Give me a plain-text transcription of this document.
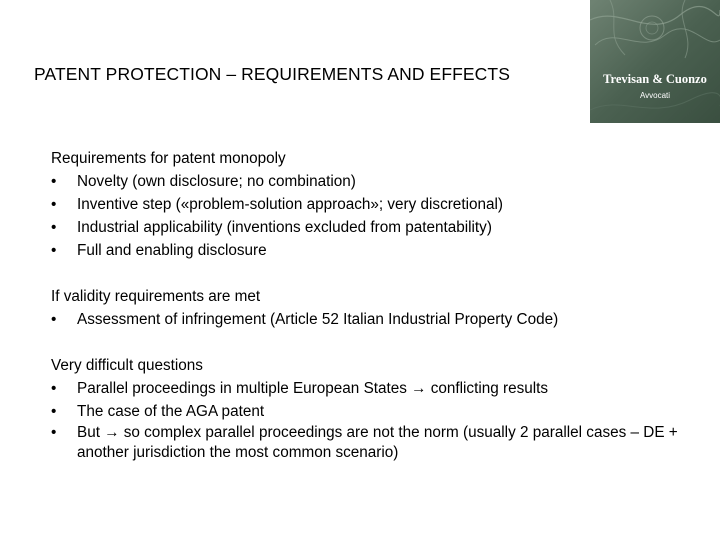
PATENT PROTECTION – REQUIREMENTS AND EFFECTS	Trevisan & Cuonzo
Avvocati
Requirements for patent monopoly
• Novelty (own disclosure; no combination)
• Inventive step («problem-solution approach»; very discretional)
• Industrial applicability (inventions excluded from patentability)
• Full and enabling disclosure
If validity requirements are met
• Assessment of infringement (Article 52 Italian Industrial Property Code)
Very difficult questions
• Parallel proceedings in multiple European States → conflicting results
• The case of the AGA patent
• But → so complex parallel proceedings are not the norm (usually 2 parallel cases – DE + another jurisdiction the most common scenario)
